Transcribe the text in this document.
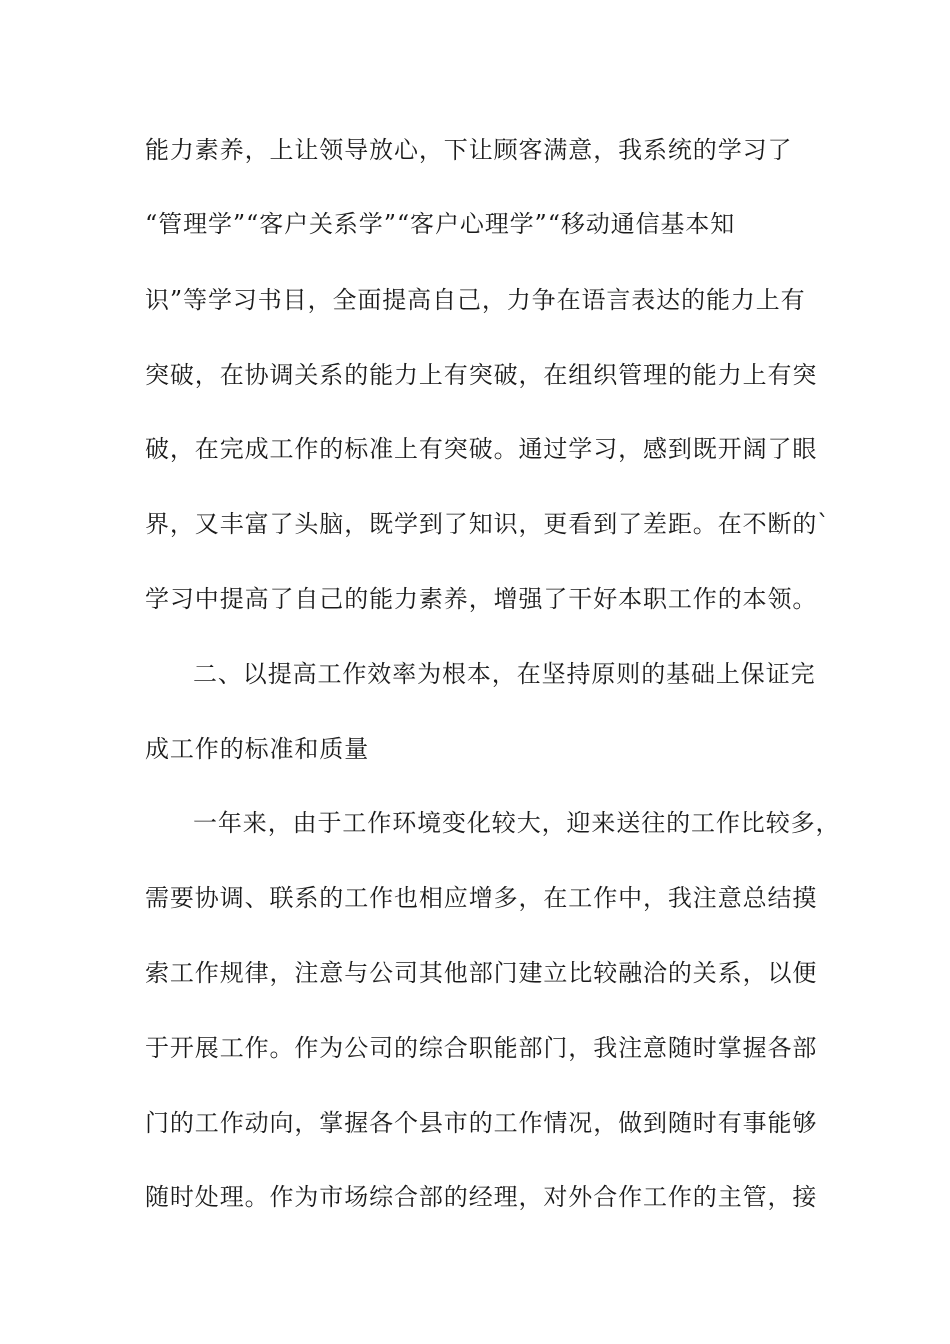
能力素养，上让领导放心，下让顾客满意，我系统的学习了

“管理学”“客户关系学”“客户心理学”“移动通信基本知

识”等学习书目，全面提高自己，力争在语言表达的能力上有

突破，在协调关系的能力上有突破，在组织管理的能力上有突

破，在完成工作的标准上有突破。通过学习，感到既开阔了眼

界，又丰富了头脑，既学到了知识，更看到了差距。在不断的`

学习中提高了自己的能力素养，增强了干好本职工作的本领。

二、以提高工作效率为根本，在坚持原则的基础上保证完

成工作的标准和质量

一年来，由于工作环境变化较大，迎来送往的工作比较多，

需要协调、联系的工作也相应增多，在工作中，我注意总结摸

索工作规律，注意与公司其他部门建立比较融洽的关系，以便

于开展工作。作为公司的综合职能部门，我注意随时掌握各部

门的工作动向，掌握各个县市的工作情况，做到随时有事能够

随时处理。作为市场综合部的经理，对外合作工作的主管，接
